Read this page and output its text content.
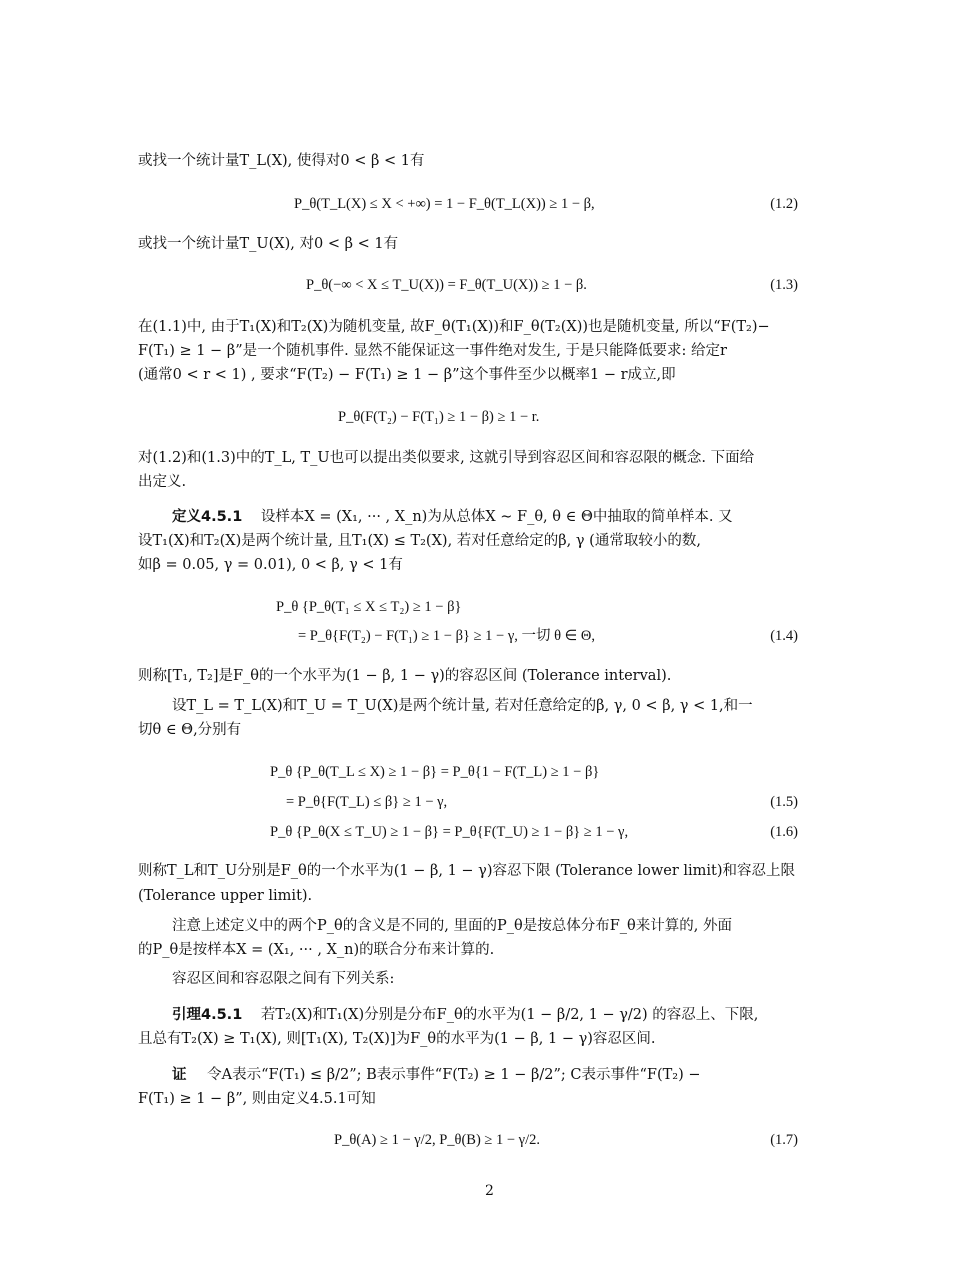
或找一个统计量T_L(X), 使得对0 < β < 1有
P_θ(T_L(X) ≤ X < +∞) = 1 − F_θ(T_L(X)) ≥ 1 − β,	(1.2)
或找一个统计量T_U(X), 对0 < β < 1有
P_θ(−∞ < X ≤ T_U(X)) = F_θ(T_U(X)) ≥ 1 − β.	(1.3)
在(1.1)中, 由于T₁(X)和T₂(X)为随机变量, 故F_θ(T₁(X))和F_θ(T₂(X))也是随机变量, 所以“F(T₂)−
F(T₁) ≥ 1 − β”是一个随机事件. 显然不能保证这一事件绝对发生, 于是只能降低要求: 给定r
(通常0 < r < 1) , 要求“F(T₂) − F(T₁) ≥ 1 − β”这个事件至少以概率1 − r成立,即
P_θ(F(T₂) − F(T₁) ≥ 1 − β) ≥ 1 − r.
对(1.2)和(1.3)中的T_L, T_U也可以提出类似要求, 这就引导到容忍区间和容忍限的概念. 下面给
出定义.
定义4.5.1 设样本X = (X₁, ··· , X_n)为从总体X ∼ F_θ, θ ∈ Θ中抽取的简单样本. 又
设T₁(X)和T₂(X)是两个统计量, 且T₁(X) ≤ T₂(X), 若对任意给定的β, γ (通常取较小的数,
如β = 0.05, γ = 0.01), 0 < β, γ < 1有
P_θ {P_θ(T₁ ≤ X ≤ T₂) ≥ 1 − β}
= P_θ{F(T₂) − F(T₁) ≥ 1 − β} ≥ 1 − γ, 一切 θ ∈ Θ,	(1.4)
则称[T₁, T₂]是F_θ的一个水平为(1 − β, 1 − γ)的容忍区间 (Tolerance interval).
设T_L = T_L(X)和T_U = T_U(X)是两个统计量, 若对任意给定的β, γ, 0 < β, γ < 1,和一
切θ ∈ Θ,分别有
P_θ {P_θ(T_L ≤ X) ≥ 1 − β} = P_θ{1 − F(T_L) ≥ 1 − β}
= P_θ{F(T_L) ≤ β} ≥ 1 − γ,	(1.5)
P_θ {P_θ(X ≤ T_U) ≥ 1 − β} = P_θ{F(T_U) ≥ 1 − β} ≥ 1 − γ,	(1.6)
则称T_L和T_U分别是F_θ的一个水平为(1 − β, 1 − γ)容忍下限 (Tolerance lower limit)和容忍上限
(Tolerance upper limit).
注意上述定义中的两个P_θ的含义是不同的, 里面的P_θ是按总体分布F_θ来计算的, 外面
的P_θ是按样本X = (X₁, ··· , X_n)的联合分布来计算的.
容忍区间和容忍限之间有下列关系:
引理4.5.1 若T₂(X)和T₁(X)分别是分布F_θ的水平为(1 − β/2, 1 − γ/2) 的容忍上、下限,
且总有T₂(X) ≥ T₁(X), 则[T₁(X), T₂(X)]为F_θ的水平为(1 − β, 1 − γ)容忍区间.
证 令A表示“F(T₁) ≤ β/2”; B表示事件“F(T₂) ≥ 1 − β/2”; C表示事件“F(T₂) −
F(T₁) ≥ 1 − β”, 则由定义4.5.1可知
P_θ(A) ≥ 1 − γ/2, P_θ(B) ≥ 1 − γ/2.	(1.7)
2
